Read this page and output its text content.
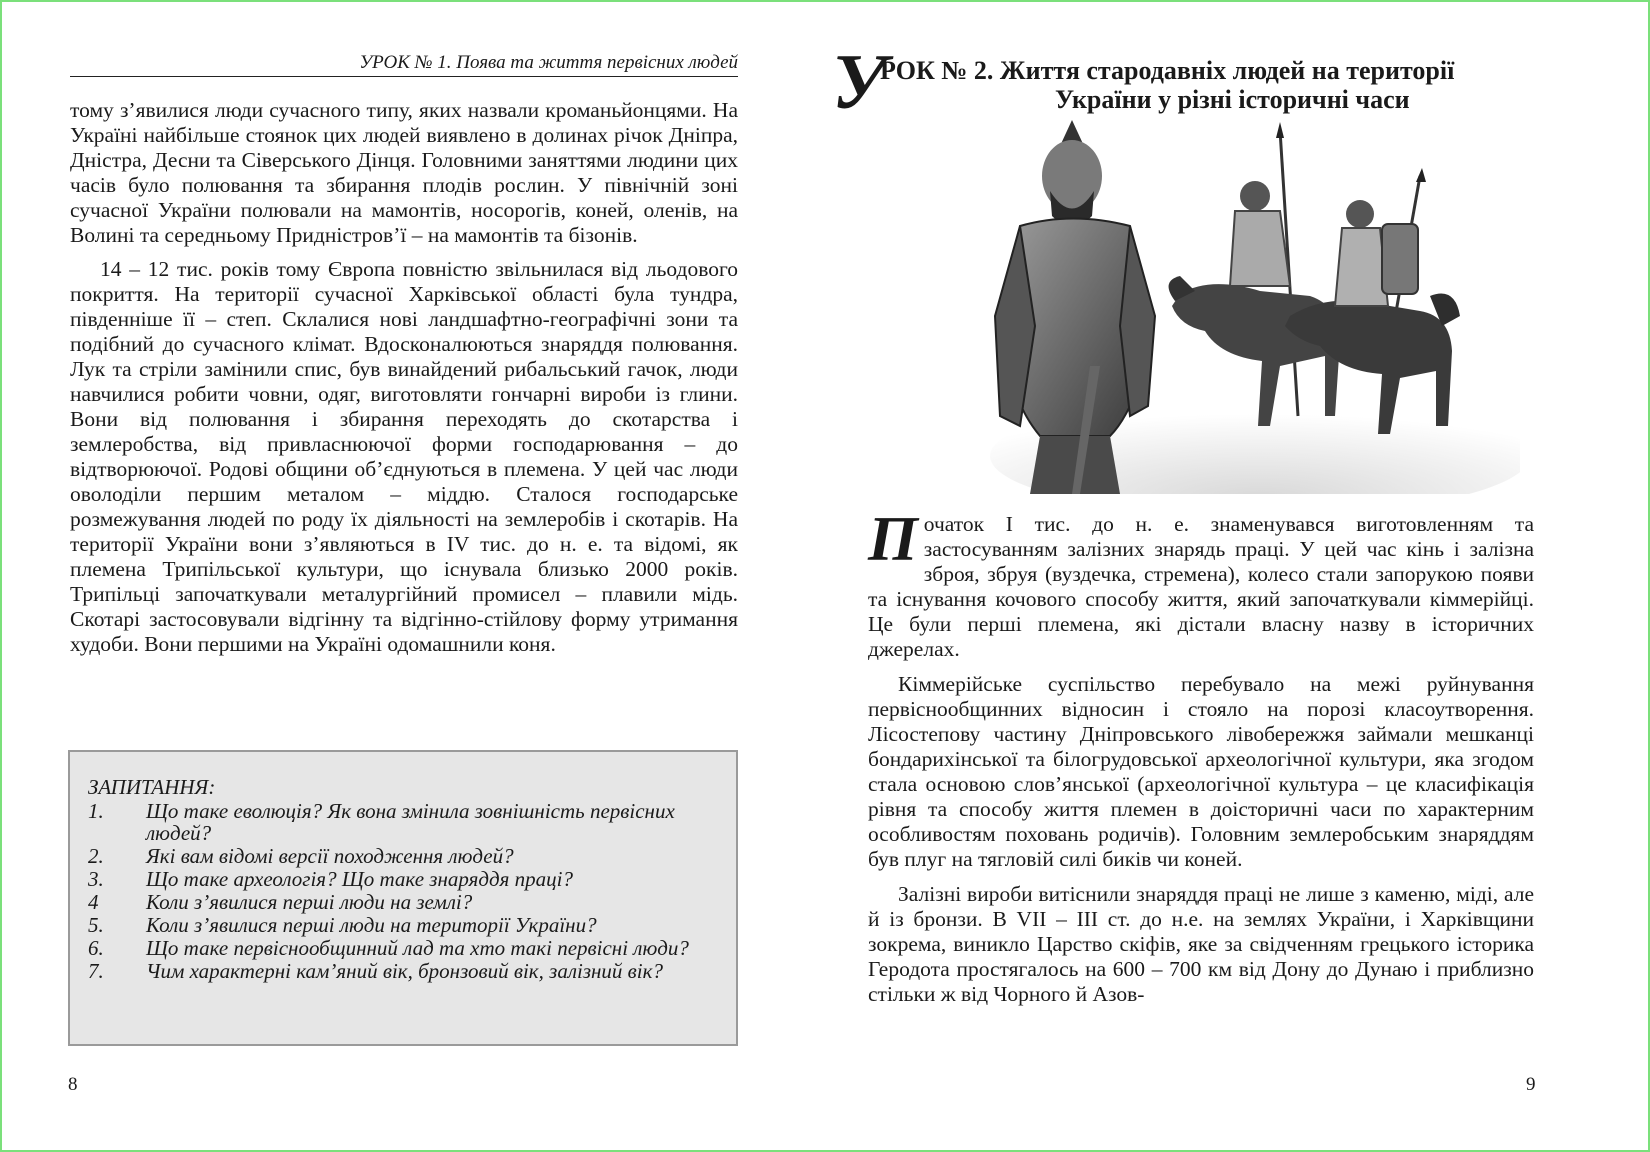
УРОК № 1. Поява та життя первісних людей

тому з’явилися люди сучасного типу, яких назвали кроманьйонцями. На Україні найбільше стоянок цих людей виявлено в долинах річок Дніпра, Дністра, Десни та Сіверського Дінця. Головними заняттями людини цих часів було полювання та збирання плодів рослин. У північній зоні сучасної України полювали на мамонтів, носорогів, коней, оленів, на Волині та середньому Придністров’ї – на мамонтів та бізонів.

14 – 12 тис. років тому Європа повністю звільнилася від льодового покриття. На території сучасної Харківської області була тундра, південніше її – степ. Склалися нові ландшафтно-географічні зони та подібний до сучасного клімат. Вдосконалюються знаряддя полювання. Лук та стріли замінили спис, був винайдений рибальський гачок, люди навчилися робити човни, одяг, виготовляти гончарні вироби із глини. Вони від полювання і збирання переходять до скотарства і землеробства, від привласнюючої форми господарювання – до відтворюючої. Родові общини об’єднуються в племена. У цей час люди оволоділи першим металом – міддю. Сталося господарське розмежування людей по роду їх діяльності на землеробів і скотарів. На території України вони з’являються в IV тис. до н. е. та відомі, як племена Трипільської культури, що існувала близько 2000 років. Трипільці започаткували металургійний промисел – плавили мідь. Скотарі застосовували відгінну та відгінно-стійлову форму утримання худоби. Вони першими на Україні одомашнили коня.

ЗАПИТАННЯ:
1.	Що таке еволюція? Як вона змінила зовнішність первісних людей?
2.	Які вам відомі версії походження людей?
3.	Що таке археологія? Що таке знаряддя праці?
4	Коли з’явилися перші люди на землі?
5.	Коли з’явилися перші люди на території України?
6.	Що таке первіснообщинний лад та хто такі первісні люди?
7.	Чим характерні кам’яний вік, бронзовий вік, залізний вік?
8	9
У
РОК № 2. Життя стародавніх людей на території
України у різні історичні часи

Початок I тис. до н. е. знаменувався виготовленням та застосуванням залізних знарядь праці. У цей час кінь і залізна зброя, збруя (вуздечка, стремена), колесо стали запорукою появи та існування кочового способу життя, який започаткували кіммерійці. Це були перші племена, які дістали власну назву в історичних джерелах.

Кіммерійське суспільство перебувало на межі руйнування первіснообщинних відносин і стояло на порозі класоутворення. Лісостепову частину Дніпровського лівобережжя займали мешканці бондарихінської та білогрудовської археологічної культури, яка згодом стала основою слов’янської (археологічної культура – це класифікація рівня та способу життя племен в доісторичні часи по характерним особливостям поховань родичів). Головним землеробським знаряддям був плуг на тягловій силі биків чи коней.

Залізні вироби витіснили знаряддя праці не лише з каменю, міді, але й із бронзи. В VII – III ст. до н.е. на землях України, і Харківщини зокрема, виникло Царство скіфів, яке за свідченням грецького історика Геродота простягалось на 600 – 700 км від Дону до Дунаю і приблизно стільки ж від Чорного й Азов-
